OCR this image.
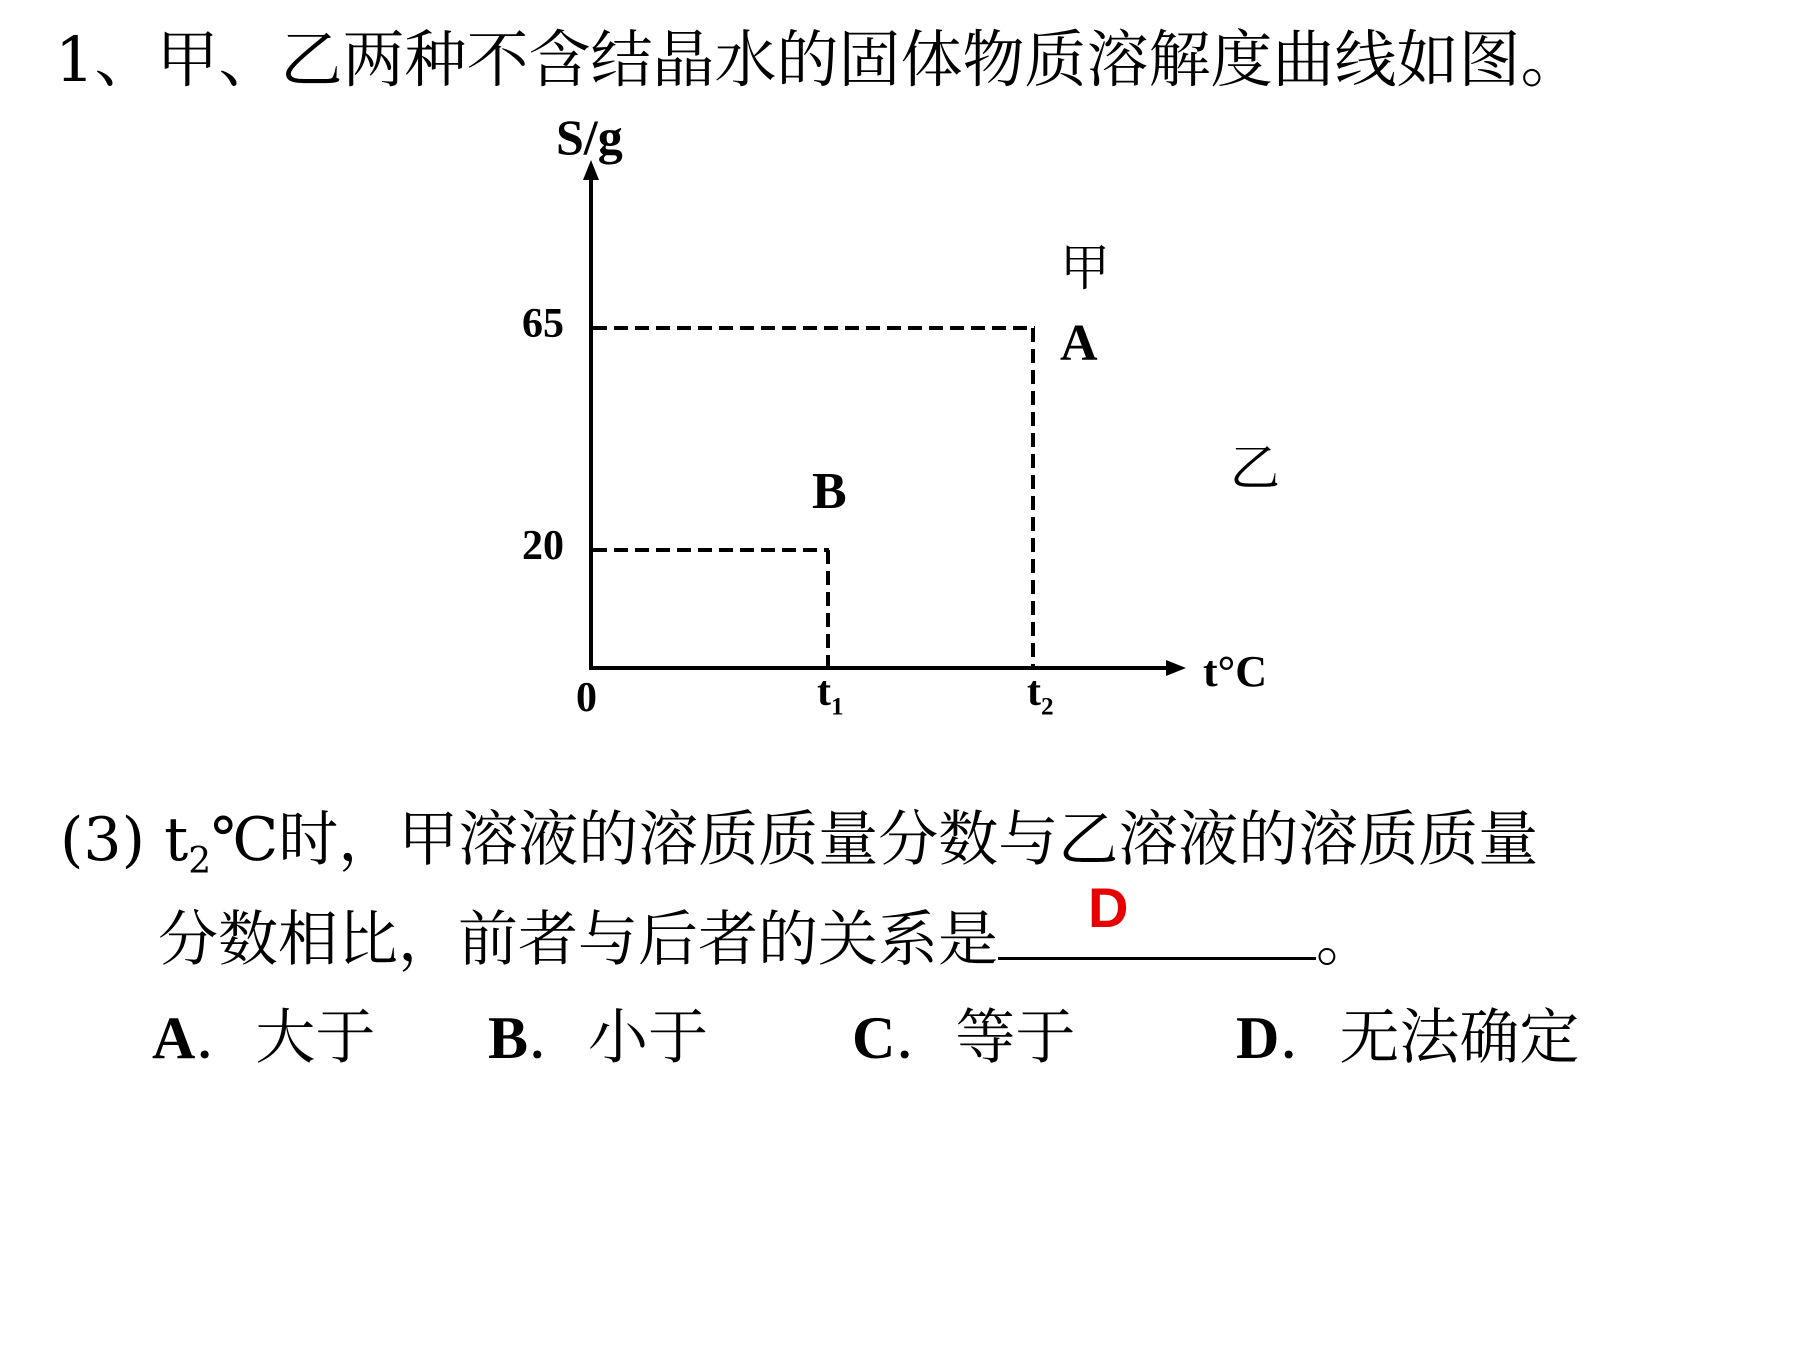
1、甲、乙两种不含结晶水的固体物质溶解度曲线如图。
S/g
t°C
0
65
20
$t_1$	$t_2$
A
B
甲
乙
(3) $t_2℃$时，甲溶液的溶质质量分数与乙溶液的溶质质量
分数相比，前者与后者的关系是 D	。
A．大于 B．小于 C．等于	D．无法确定
